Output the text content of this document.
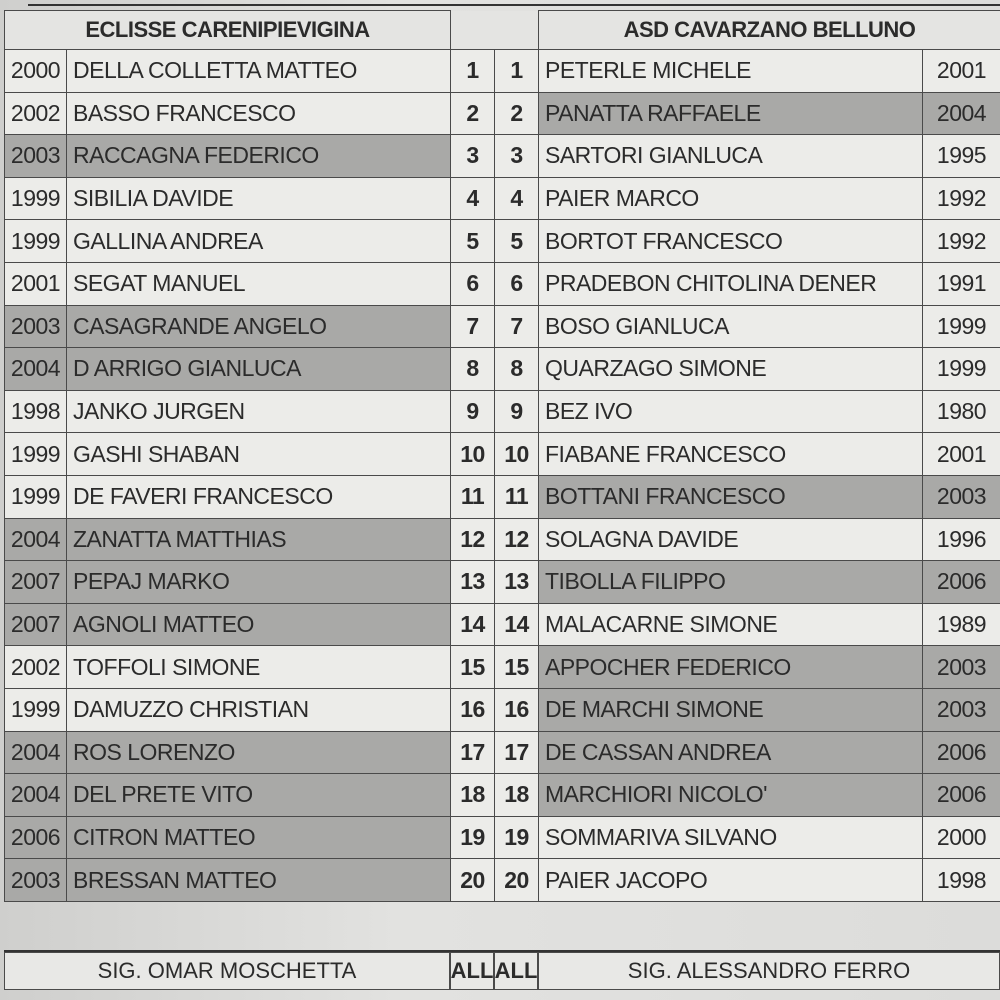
ECLISSE CARENIPIEVIGINA				ASD CAVARZANO BELLUNO	
2000	DELLA COLLETTA MATTEO	1	1	PETERLE MICHELE	2001
2002	BASSO FRANCESCO	2	2	PANATTA RAFFAELE	2004
2003	RACCAGNA FEDERICO	3	3	SARTORI GIANLUCA	1995
1999	SIBILIA DAVIDE	4	4	PAIER MARCO	1992
1999	GALLINA ANDREA	5	5	BORTOT FRANCESCO	1992
2001	SEGAT MANUEL	6	6	PRADEBON CHITOLINA DENER	1991
2003	CASAGRANDE ANGELO	7	7	BOSO GIANLUCA	1999
2004	D ARRIGO GIANLUCA	8	8	QUARZAGO SIMONE	1999
1998	JANKO JURGEN	9	9	BEZ IVO	1980
1999	GASHI SHABAN	10	10	FIABANE FRANCESCO	2001
1999	DE FAVERI FRANCESCO	11	11	BOTTANI FRANCESCO	2003
2004	ZANATTA MATTHIAS	12	12	SOLAGNA DAVIDE	1996
2007	PEPAJ MARKO	13	13	TIBOLLA FILIPPO	2006
2007	AGNOLI MATTEO	14	14	MALACARNE SIMONE	1989
2002	TOFFOLI SIMONE	15	15	APPOCHER FEDERICO	2003
1999	DAMUZZO CHRISTIAN	16	16	DE MARCHI SIMONE	2003
2004	ROS LORENZO	17	17	DE CASSAN ANDREA	2006
2004	DEL PRETE VITO	18	18	MARCHIORI NICOLO'	2006
2006	CITRON MATTEO	19	19	SOMMARIVA SILVANO	2000
2003	BRESSAN MATTEO	20	20	PAIER JACOPO	1998
SIG. OMAR MOSCHETTA	ALL ALL	SIG. ALESSANDRO FERRO
